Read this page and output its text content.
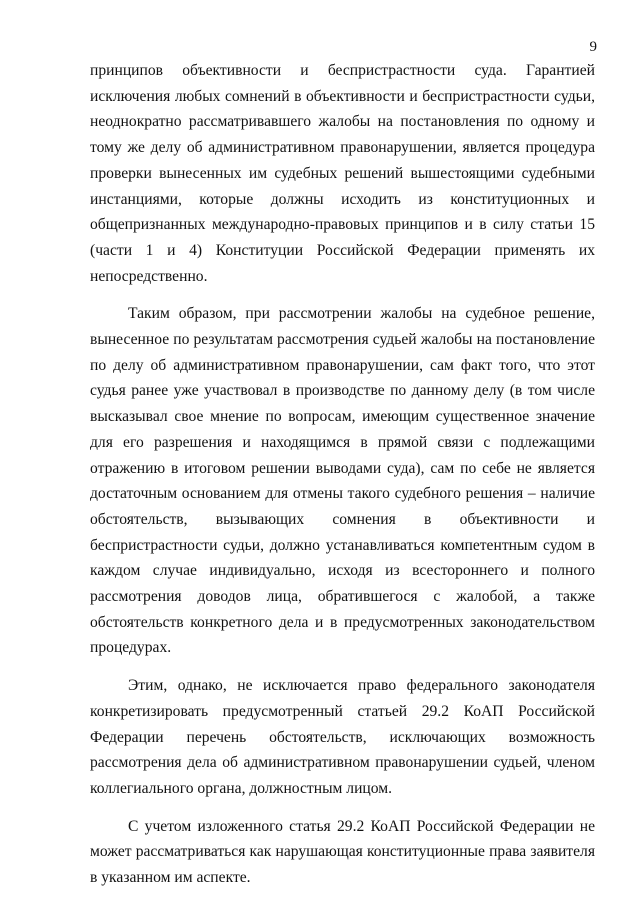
9

принципов объективности и беспристрастности суда. Гарантией исключения любых сомнений в объективности и беспристрастности судьи, неоднократно рассматривавшего жалобы на постановления по одному и тому же делу об административном правонарушении, является процедура проверки вынесенных им судебных решений вышестоящими судебными инстанциями, которые должны исходить из конституционных и общепризнанных международно-правовых принципов и в силу статьи 15 (части 1 и 4) Конституции Российской Федерации применять их непосредственно.

Таким образом, при рассмотрении жалобы на судебное решение, вынесенное по результатам рассмотрения судьей жалобы на постановление по делу об административном правонарушении, сам факт того, что этот судья ранее уже участвовал в производстве по данному делу (в том числе высказывал свое мнение по вопросам, имеющим существенное значение для его разрешения и находящимся в прямой связи с подлежащими отражению в итоговом решении выводами суда), сам по себе не является достаточным основанием для отмены такого судебного решения – наличие обстоятельств, вызывающих сомнения в объективности и беспристрастности судьи, должно устанавливаться компетентным судом в каждом случае индивидуально, исходя из всестороннего и полного рассмотрения доводов лица, обратившегося с жалобой, а также обстоятельств конкретного дела и в предусмотренных законодательством процедурах.

Этим, однако, не исключается право федерального законодателя конкретизировать предусмотренный статьей 29.2 КоАП Российской Федерации перечень обстоятельств, исключающих возможность рассмотрения дела об административном правонарушении судьей, членом коллегиального органа, должностным лицом.

С учетом изложенного статья 29.2 КоАП Российской Федерации не может рассматриваться как нарушающая конституционные права заявителя в указанном им аспекте.
